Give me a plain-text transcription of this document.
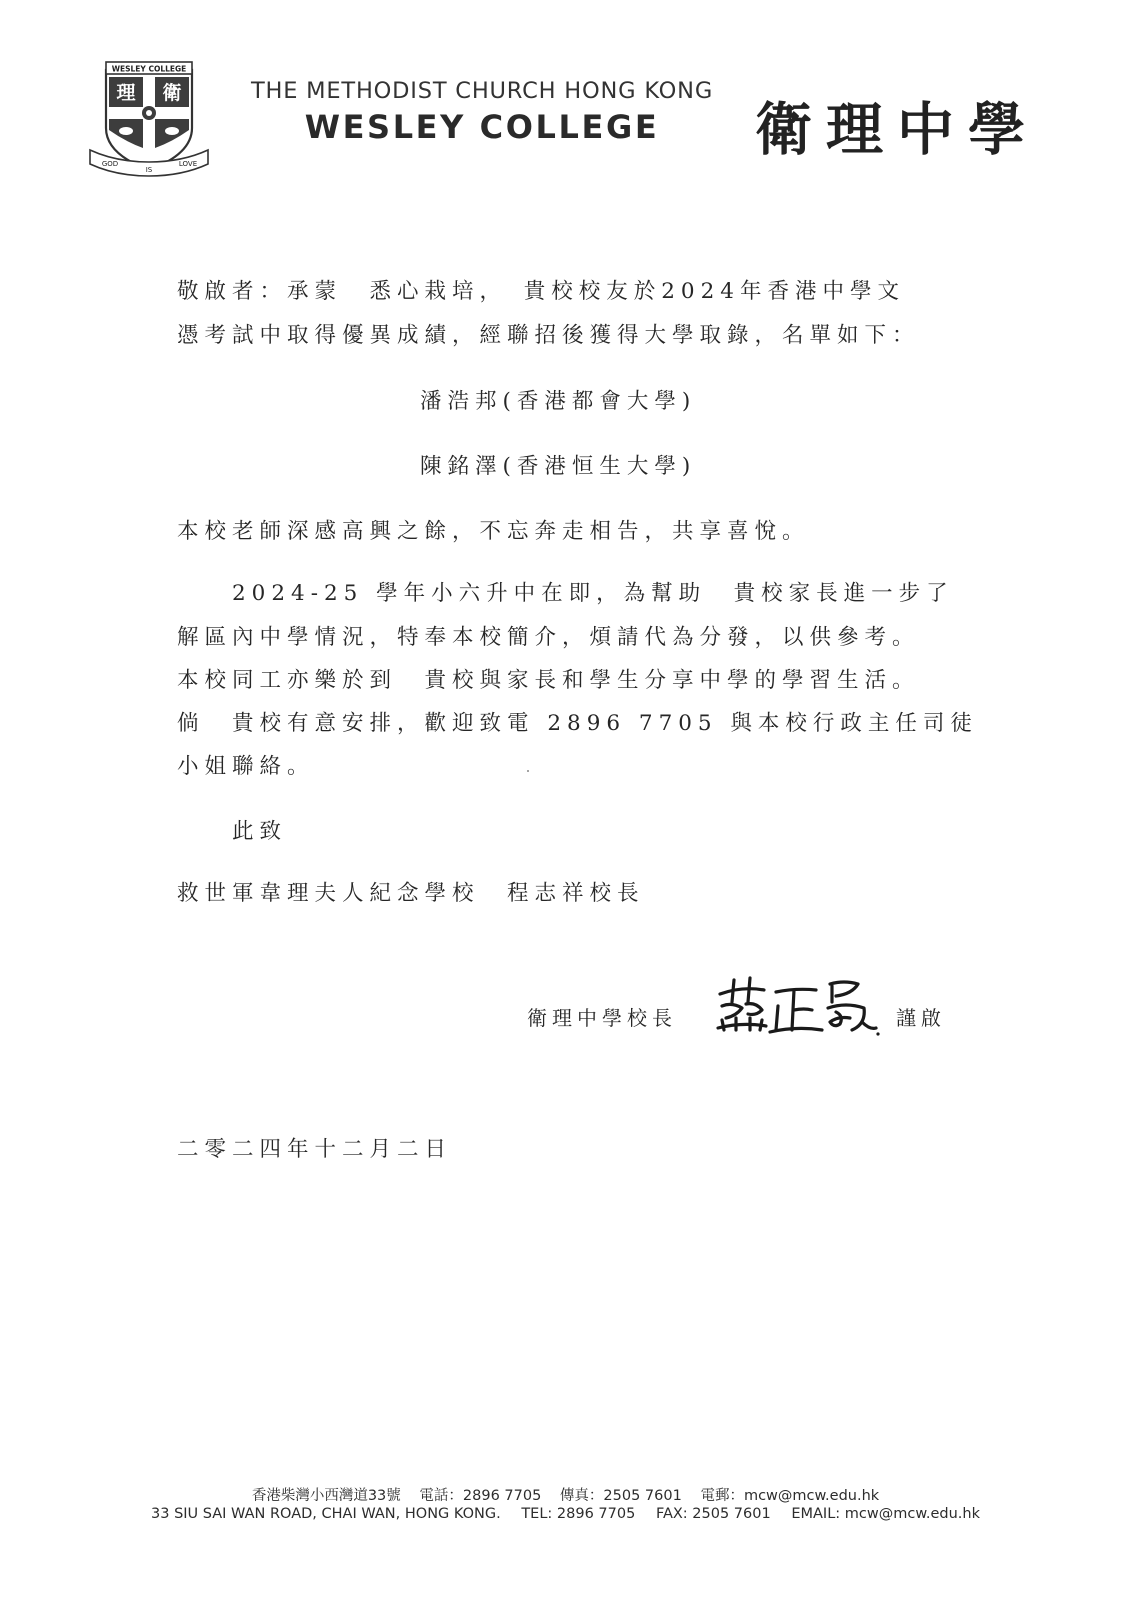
WESLEY COLLEGE
理 衛
GOD
IS
LOVE
THE METHODIST CHURCH HONG KONG
WESLEY COLLEGE	衛理中學
敬啟者：承蒙　悉心栽培，　貴校校友於2024年香港中學文
憑考試中取得優異成績，經聯招後獲得大學取錄，名單如下：
潘浩邦(香港都會大學)
陳銘澤(香港恒生大學)
本校老師深感高興之餘，不忘奔走相告，共享喜悅。
2024-25 學年小六升中在即，為幫助　貴校家長進一步了
解區內中學情況，特奉本校簡介，煩請代為分發，以供參考。
本校同工亦樂於到　貴校與家長和學生分享中學的學習生活。
倘　貴校有意安排，歡迎致電 2896 7705 與本校行政主任司徒
小姐聯絡。
此致
救世軍韋理夫人紀念學校　程志祥校長
衛理中學校長	謹啟
二零二四年十二月二日
香港柴灣小西灣道33號 電話：2896 7705 傳真：2505 7601 電郵：mcw@mcw.edu.hk
33 SIU SAI WAN ROAD, CHAI WAN, HONG KONG. TEL: 2896 7705 FAX: 2505 7601 EMAIL: mcw@mcw.edu.hk
